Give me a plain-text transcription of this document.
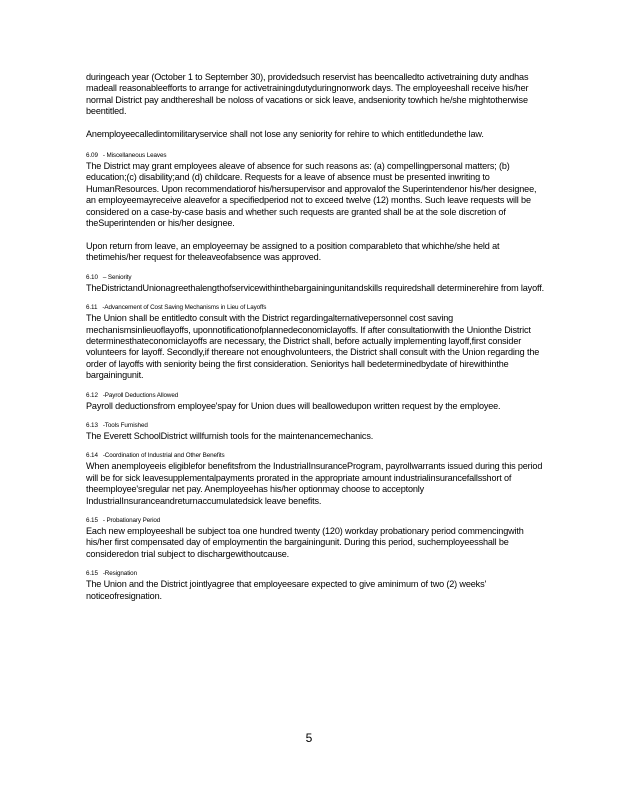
duringeach year (October 1 to September 30), providedsuch reservist has beencalledto activetraining duty andhas madeall reasonableefforts to arrange for activetrainingdutyduringnonwork days. The employeeshall receive his/her normal District pay andthereshall be noloss of vacations or sick leave, andseniority towhich he/she mightotherwise beentitled.

Anemployeecalledintomilitaryservice shall not lose any seniority for rehire to which entitledundethe law.

6.09 - Miscellaneous Leaves

The District may grant employees aleave of absence for such reasons as: (a) compellingpersonal matters; (b) education;(c) disability;and (d) childcare. Requests for a leave of absence must be presented inwriting to HumanResources. Upon recommendatiorof his/hersupervisor and approvalof the Superintendenor his/her designee, an employeemayreceive aleavefor a specifiedperiod not to exceed twelve (12) months. Such leave requests will be considered on a case-by-case basis and whether such requests are granted shall be at the sole discretion of theSuperintenden or his/her designee.

Upon return from leave, an employeemay be assigned to a position comparableto that whichhe/she held at thetimehis/her request for theleaveofabsence was approved.

6.10 – Seniority

TheDistrictandUnionagreethalengthofservicewithinthebargainingunitandskills requiredshall determinerehire from layoff.

6.11 -Advancement of Cost Saving Mechanisms in Lieu of Layoffs

The Union shall be entitledto consult with the District regardingalternativepersonnel cost saving mechanismsinlieuoflayoffs, uponnotificationofplannedeconomiclayoffs. If after consultationwith the Unionthe District determinesthateconomiclayoffs are necessary, the District shall, before actually implementing layoff,first consider volunteers for layoff. Secondly,if thereare not enoughvolunteers, the District shall consult with the Union regarding the order of layoffs with seniority being the first consideration. Senioritys hall bedeterminedbydate of hirewithinthe bargainingunit.

6.12 -Payroll Deductions Allowed

Payroll deductionsfrom employee'spay for Union dues will beallowedupon written request by the employee.

6.13 -Tools Furnished

The Everett SchoolDistrict willfurnish tools for the maintenancemechanics.

6.14 -Coordination of Industrial and Other Benefits

When anemployeeis eligiblefor benefitsfrom the IndustrialInsuranceProgram, payrollwarrants issued during this period will be for sick leavesupplementalpayments prorated in the appropriate amount industrialinsurancefallsshort of theemployee'sregular net pay. Anemployeehas his/her optionmay choose to acceptonly IndustrialInsuranceandreturnaccumulatedsick leave benefits.

6.15 - Probationary Period

Each new employeeshall be subject toa one hundred twenty (120) workday probationary period commencingwith his/her first compensated day of employmentin the bargainingunit. During this period, suchemployeesshall be consideredon trial subject to dischargewithoutcause.

6.15 -Resignation

The Union and the District jointlyagree that employeesare expected to give aminimum of two (2) weeks' noticeofresignation.

5
